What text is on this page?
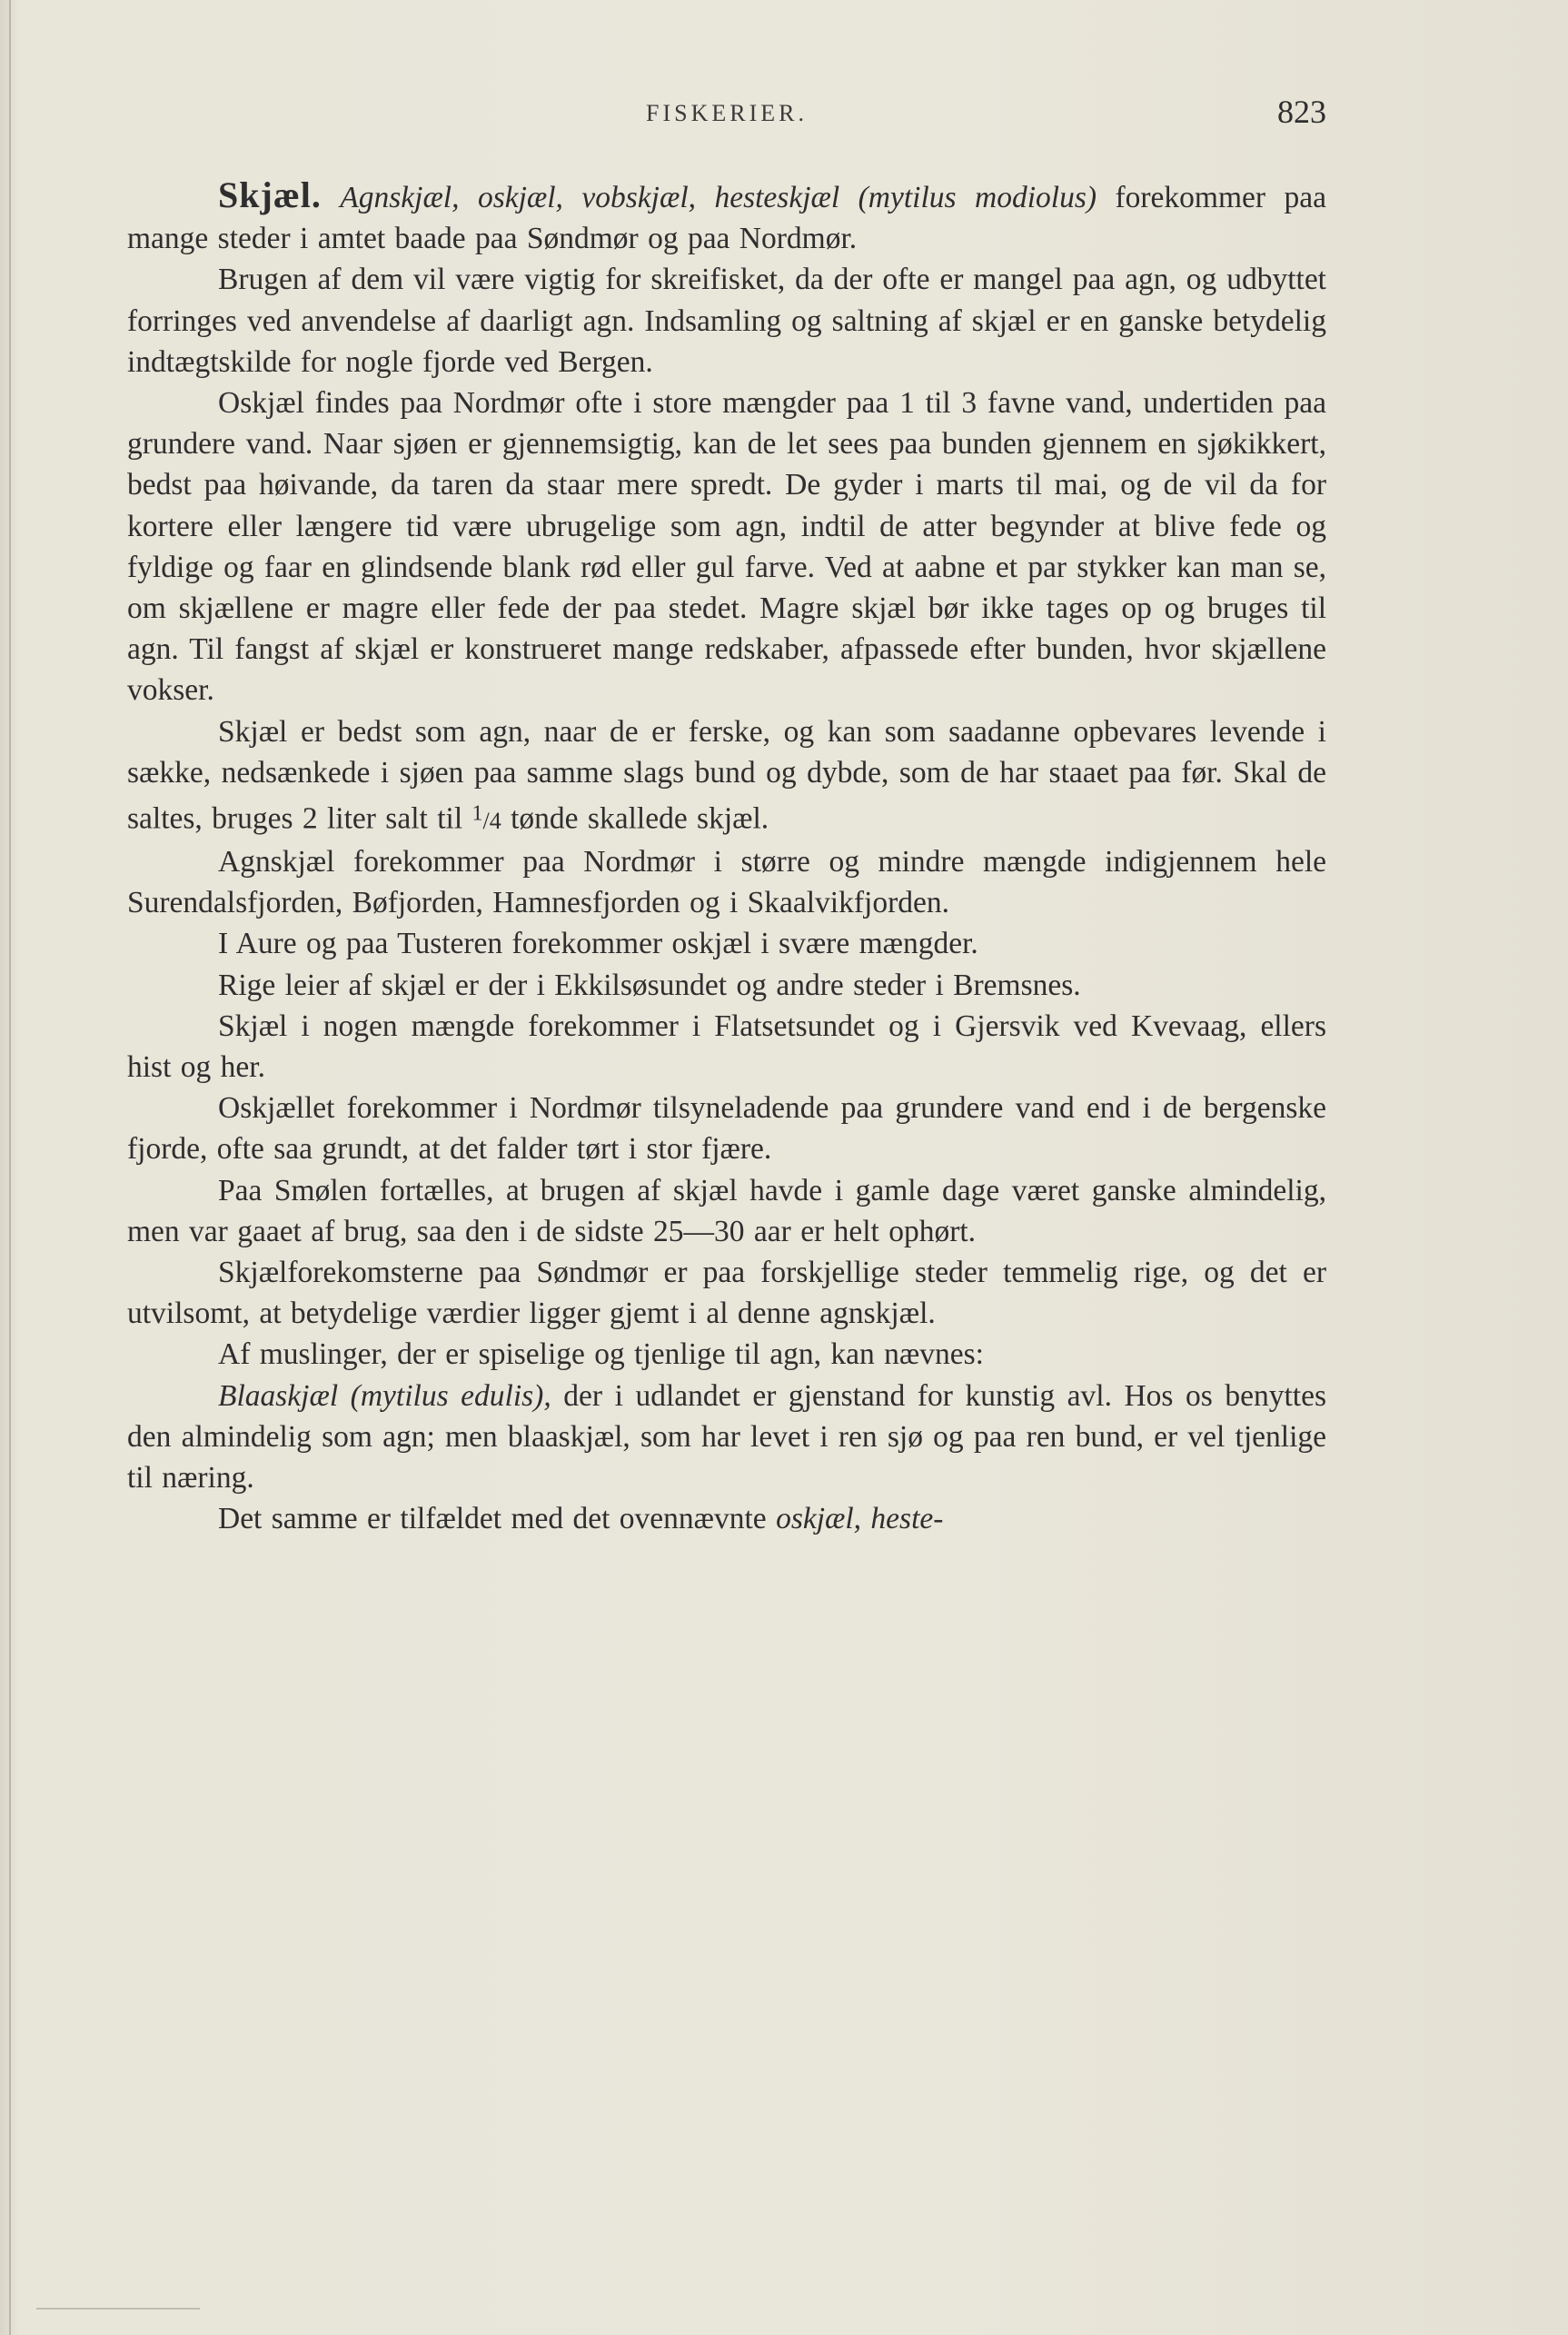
FISKERIER.	823

Skjæl. Agnskjæl, oskjæl, vobskjæl, hesteskjæl (mytilus modiolus) forekommer paa mange steder i amtet baade paa Søndmør og paa Nordmør.

Brugen af dem vil være vigtig for skreifisket, da der ofte er mangel paa agn, og udbyttet forringes ved anvendelse af daarligt agn. Indsamling og saltning af skjæl er en ganske betydelig indtægtskilde for nogle fjorde ved Bergen.

Oskjæl findes paa Nordmør ofte i store mængder paa 1 til 3 favne vand, undertiden paa grundere vand. Naar sjøen er gjennemsigtig, kan de let sees paa bunden gjennem en sjøkikkert, bedst paa høivande, da taren da staar mere spredt. De gyder i marts til mai, og de vil da for kortere eller længere tid være ubrugelige som agn, indtil de atter begynder at blive fede og fyldige og faar en glindsende blank rød eller gul farve. Ved at aabne et par stykker kan man se, om skjællene er magre eller fede der paa stedet. Magre skjæl bør ikke tages op og bruges til agn. Til fangst af skjæl er konstrueret mange redskaber, afpassede efter bunden, hvor skjællene vokser.

Skjæl er bedst som agn, naar de er ferske, og kan som saadanne opbevares levende i sække, nedsænkede i sjøen paa samme slags bund og dybde, som de har staaet paa før. Skal de saltes, bruges 2 liter salt til $^1$/4 tønde skallede skjæl.

Agnskjæl forekommer paa Nordmør i større og mindre mængde indigjennem hele Surendalsfjorden, Bøfjorden, Hamnesfjorden og i Skaalvikfjorden.

I Aure og paa Tusteren forekommer oskjæl i svære mængder.

Rige leier af skjæl er der i Ekkilsøsundet og andre steder i Bremsnes.

Skjæl i nogen mængde forekommer i Flatsetsundet og i Gjersvik ved Kvevaag, ellers hist og her.

Oskjællet forekommer i Nordmør tilsyneladende paa grundere vand end i de bergenske fjorde, ofte saa grundt, at det falder tørt i stor fjære.

Paa Smølen fortælles, at brugen af skjæl havde i gamle dage været ganske almindelig, men var gaaet af brug, saa den i de sidste 25—30 aar er helt ophørt.

Skjælforekomsterne paa Søndmør er paa forskjellige steder temmelig rige, og det er utvilsomt, at betydelige værdier ligger gjemt i al denne agnskjæl.

Af muslinger, der er spiselige og tjenlige til agn, kan nævnes:

Blaaskjæl (mytilus edulis), der i udlandet er gjenstand for kunstig avl. Hos os benyttes den almindelig som agn; men blaaskjæl, som har levet i ren sjø og paa ren bund, er vel tjenlige til næring.

Det samme er tilfældet med det ovennævnte oskjæl, heste-
